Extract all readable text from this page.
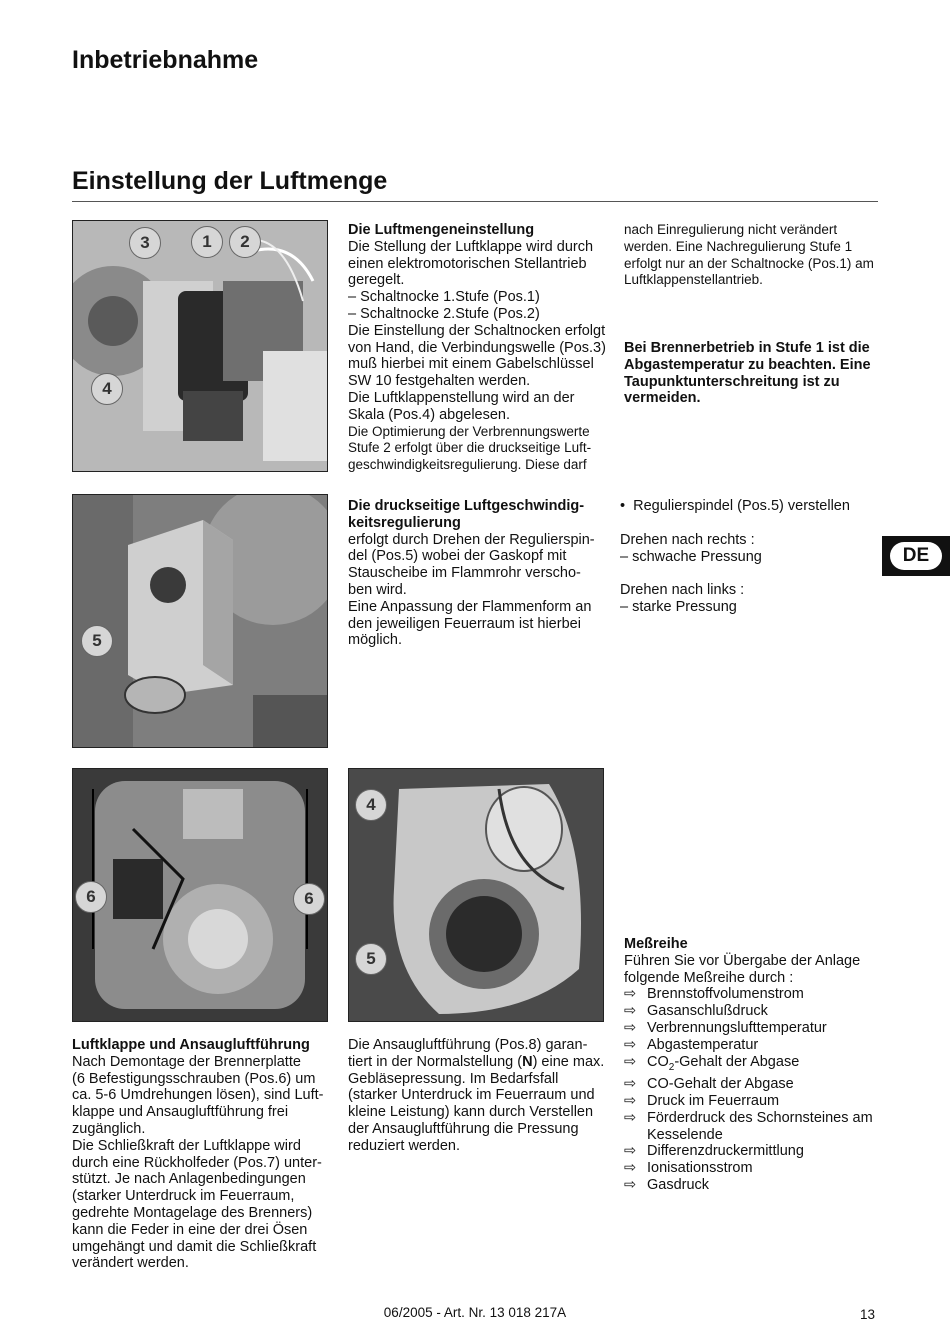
Inbetriebnahme
Einstellung der Luftmenge
DE
3	1	2
4

Die Luftmengeneinstellung

Die Stellung der Luftklappe wird durch

einen elektromotorischen Stellantrieb

geregelt.

– Schaltnocke 1.Stufe (Pos.1)

– Schaltnocke 2.Stufe (Pos.2)

Die Einstellung der Schaltnocken erfolgt

von Hand, die Verbindungswelle (Pos.3)

muß hierbei mit einem Gabelschlüssel

SW 10 festgehalten werden.

Die Luftklappenstellung wird an der

Skala (Pos.4) abgelesen.

Die Optimierung der Verbrennungswerte

Stufe 2 erfolgt über die druckseitige Luft-

geschwindigkeitsregulierung. Diese darf

nach Einregulierung nicht verändert

werden. Eine Nachregulierung Stufe 1

erfolgt nur an der Schaltnocke (Pos.1) am

Luftklappenstellantrieb.

Bei Brennerbetrieb in Stufe 1 ist die

Abgastemperatur zu beachten. Eine

Taupunktunterschreitung ist zu

vermeiden.

5

Die druckseitige Luftgeschwindig-

keitsregulierung

erfolgt durch Drehen der Regulierspin-

del (Pos.5) wobei der Gaskopf mit

Stauscheibe im Flammrohr verscho-

ben wird.

Eine Anpassung der Flammenform an

den jeweiligen Feuerraum ist hierbei

möglich.

• Regulierspindel (Pos.5) verstellen

Drehen nach rechts :

– schwache Pressung

Drehen nach links :

– starke Pressung

6	6
4
5

Luftklappe und Ansaugluftführung

Nach Demontage der Brennerplatte

(6 Befestigungsschrauben (Pos.6) um

ca. 5-6 Umdrehungen lösen), sind Luft-

klappe und Ansaugluftführung frei

zugänglich.

Die Schließkraft der Luftklappe wird

durch eine Rückholfeder (Pos.7) unter-

stützt. Je nach Anlagenbedingungen

(starker Unterdruck im Feuerraum,

gedrehte Montagelage des Brenners)

kann die Feder in eine der drei Ösen

umgehängt und damit die Schließkraft

verändert werden.

Die Ansaugluftführung (Pos.8) garan-

tiert in der Normalstellung (N) eine max.

Gebläsepressung. Im Bedarfsfall

(starker Unterdruck im Feuerraum und

kleine Leistung) kann durch Verstellen

der Ansaugluftführung die Pressung

reduziert werden.

Meßreihe

Führen Sie vor Übergabe der Anlage

folgende Meßreihe durch :

⇨ Brennstoffvolumenstrom
⇨ Gasanschlußdruck
⇨ Verbrennungslufttemperatur
⇨ Abgastemperatur
⇨ $CO_2$-Gehalt der Abgase
⇨ CO-Gehalt der Abgase
⇨ Druck im Feuerraum
⇨ Förderdruck des Schornsteines am
Kesselende
⇨ Differenzdruckermittlung
⇨ Ionisationsstrom
⇨ Gasdruck
06/2005 - Art. Nr. 13 018 217A	13
